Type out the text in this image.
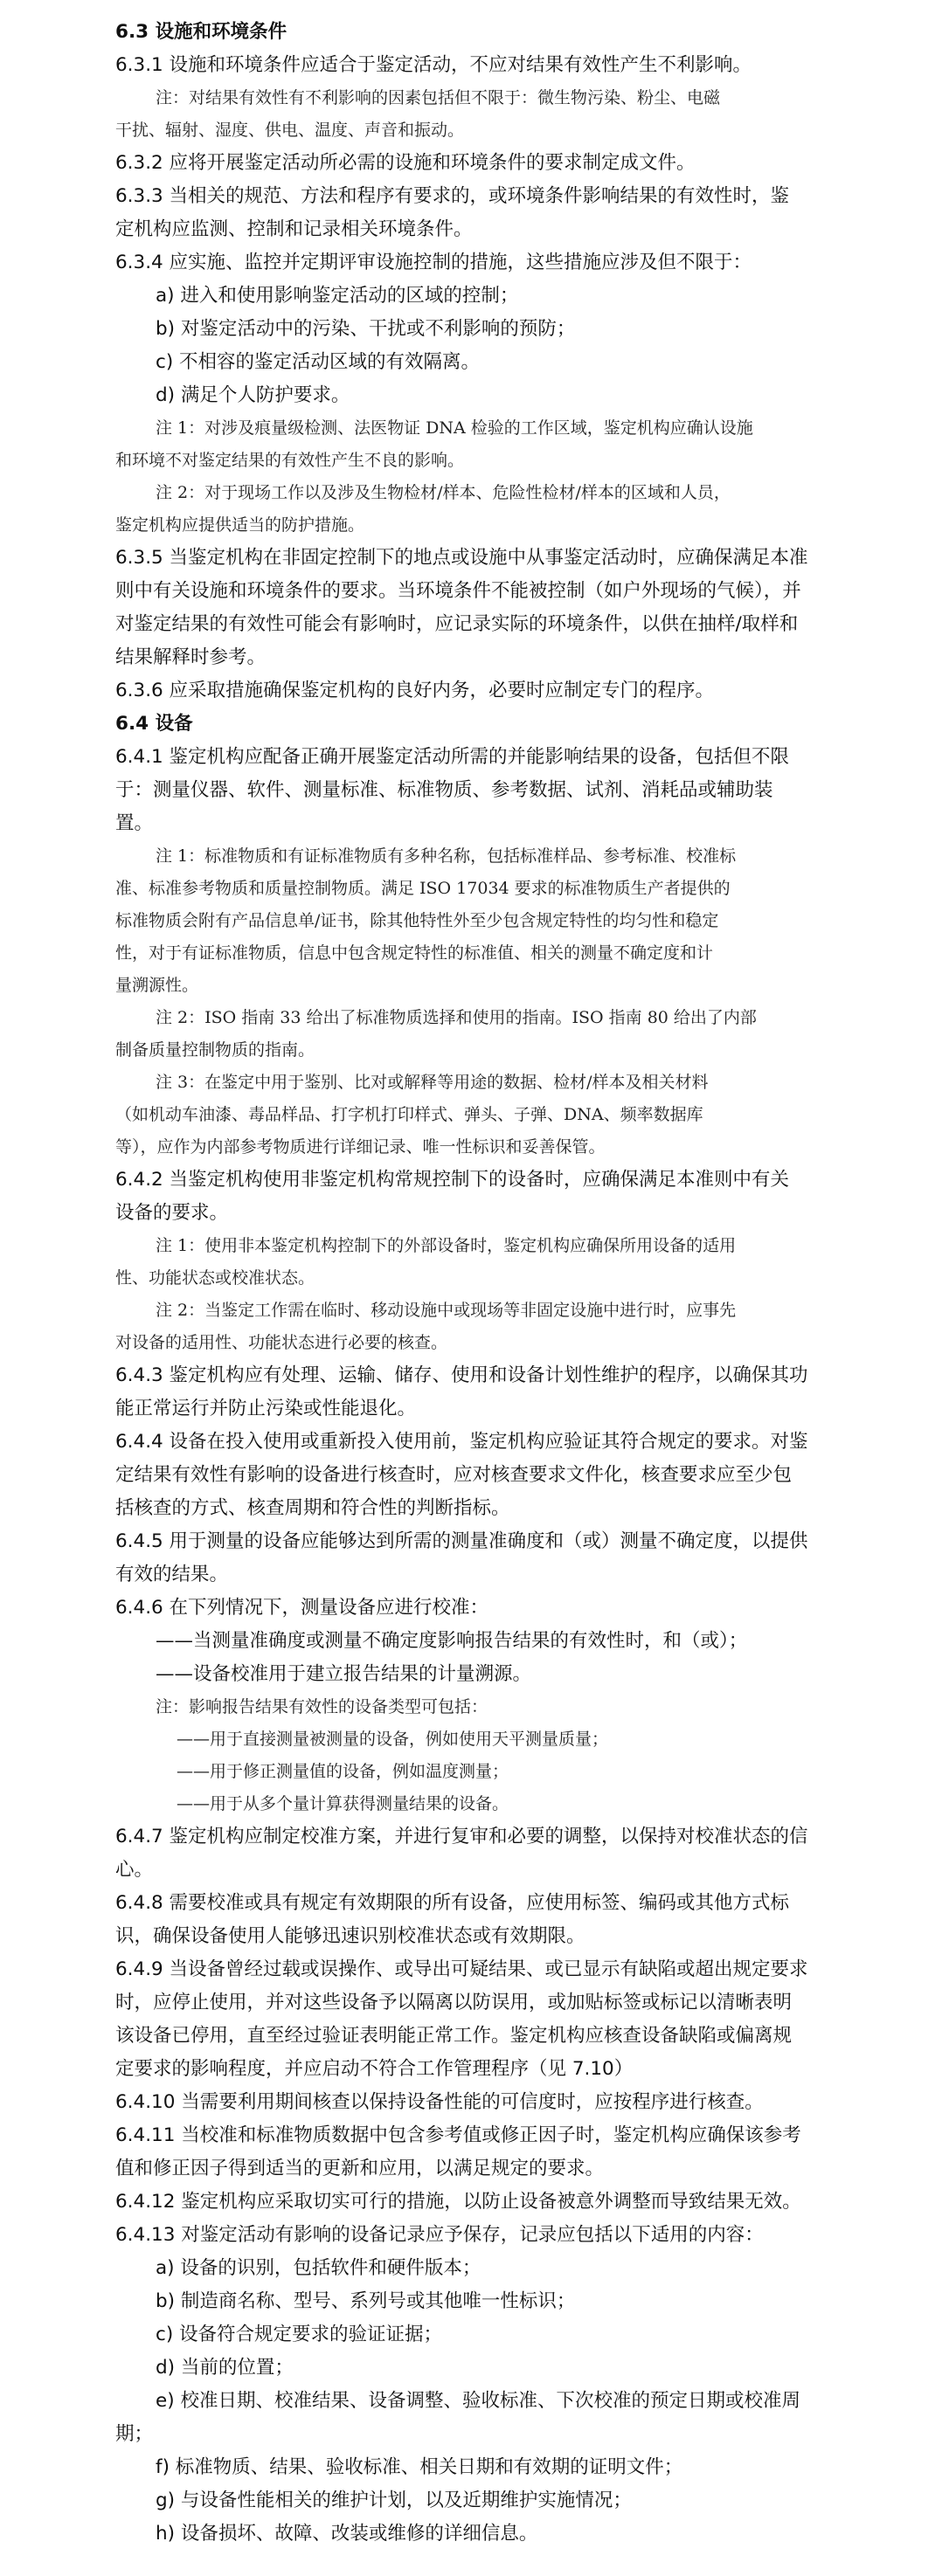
6.3 设施和环境条件
6.3.1 设施和环境条件应适合于鉴定活动，不应对结果有效性产生不利影响。
注：对结果有效性有不利影响的因素包括但不限于：微生物污染、粉尘、电磁
干扰、辐射、湿度、供电、温度、声音和振动。
6.3.2 应将开展鉴定活动所必需的设施和环境条件的要求制定成文件。
6.3.3 当相关的规范、方法和程序有要求的，或环境条件影响结果的有效性时，鉴
定机构应监测、控制和记录相关环境条件。
6.3.4 应实施、监控并定期评审设施控制的措施，这些措施应涉及但不限于：
a) 进入和使用影响鉴定活动的区域的控制；
b) 对鉴定活动中的污染、干扰或不利影响的预防；
c) 不相容的鉴定活动区域的有效隔离。
d) 满足个人防护要求。
注 1：对涉及痕量级检测、法医物证 DNA 检验的工作区域，鉴定机构应确认设施
和环境不对鉴定结果的有效性产生不良的影响。
注 2：对于现场工作以及涉及生物检材/样本、危险性检材/样本的区域和人员，
鉴定机构应提供适当的防护措施。
6.3.5 当鉴定机构在非固定控制下的地点或设施中从事鉴定活动时，应确保满足本准
则中有关设施和环境条件的要求。当环境条件不能被控制（如户外现场的气候），并
对鉴定结果的有效性可能会有影响时，应记录实际的环境条件，以供在抽样/取样和
结果解释时参考。
6.3.6 应采取措施确保鉴定机构的良好内务，必要时应制定专门的程序。
6.4 设备
6.4.1 鉴定机构应配备正确开展鉴定活动所需的并能影响结果的设备，包括但不限
于：测量仪器、软件、测量标准、标准物质、参考数据、试剂、消耗品或辅助装
置。
注 1：标准物质和有证标准物质有多种名称，包括标准样品、参考标准、校准标
准、标准参考物质和质量控制物质。满足 ISO 17034 要求的标准物质生产者提供的
标准物质会附有产品信息单/证书，除其他特性外至少包含规定特性的均匀性和稳定
性，对于有证标准物质，信息中包含规定特性的标准值、相关的测量不确定度和计
量溯源性。
注 2：ISO 指南 33 给出了标准物质选择和使用的指南。ISO 指南 80 给出了内部
制备质量控制物质的指南。
注 3：在鉴定中用于鉴别、比对或解释等用途的数据、检材/样本及相关材料
（如机动车油漆、毒品样品、打字机打印样式、弹头、子弹、DNA、频率数据库
等），应作为内部参考物质进行详细记录、唯一性标识和妥善保管。
6.4.2 当鉴定机构使用非鉴定机构常规控制下的设备时，应确保满足本准则中有关
设备的要求。
注 1：使用非本鉴定机构控制下的外部设备时，鉴定机构应确保所用设备的适用
性、功能状态或校准状态。
注 2：当鉴定工作需在临时、移动设施中或现场等非固定设施中进行时，应事先
对设备的适用性、功能状态进行必要的核查。
6.4.3 鉴定机构应有处理、运输、储存、使用和设备计划性维护的程序，以确保其功
能正常运行并防止污染或性能退化。
6.4.4 设备在投入使用或重新投入使用前，鉴定机构应验证其符合规定的要求。对鉴
定结果有效性有影响的设备进行核查时，应对核查要求文件化，核查要求应至少包
括核查的方式、核查周期和符合性的判断指标。
6.4.5 用于测量的设备应能够达到所需的测量准确度和（或）测量不确定度，以提供
有效的结果。
6.4.6 在下列情况下，测量设备应进行校准：
——当测量准确度或测量不确定度影响报告结果的有效性时，和（或）；
——设备校准用于建立报告结果的计量溯源。
注：影响报告结果有效性的设备类型可包括：
——用于直接测量被测量的设备，例如使用天平测量质量；
——用于修正测量值的设备，例如温度测量；
——用于从多个量计算获得测量结果的设备。
6.4.7 鉴定机构应制定校准方案，并进行复审和必要的调整，以保持对校准状态的信
心。
6.4.8 需要校准或具有规定有效期限的所有设备，应使用标签、编码或其他方式标
识，确保设备使用人能够迅速识别校准状态或有效期限。
6.4.9 当设备曾经过载或误操作、或导出可疑结果、或已显示有缺陷或超出规定要求
时，应停止使用，并对这些设备予以隔离以防误用，或加贴标签或标记以清晰表明
该设备已停用，直至经过验证表明能正常工作。鉴定机构应核查设备缺陷或偏离规
定要求的影响程度，并应启动不符合工作管理程序（见 7.10）
6.4.10 当需要利用期间核查以保持设备性能的可信度时，应按程序进行核查。
6.4.11 当校准和标准物质数据中包含参考值或修正因子时，鉴定机构应确保该参考
值和修正因子得到适当的更新和应用，以满足规定的要求。
6.4.12 鉴定机构应采取切实可行的措施，以防止设备被意外调整而导致结果无效。
6.4.13 对鉴定活动有影响的设备记录应予保存，记录应包括以下适用的内容：
a) 设备的识别，包括软件和硬件版本；
b) 制造商名称、型号、系列号或其他唯一性标识；
c) 设备符合规定要求的验证证据；
d) 当前的位置；
e) 校准日期、校准结果、设备调整、验收标准、下次校准的预定日期或校准周
期；
f) 标准物质、结果、验收标准、相关日期和有效期的证明文件；
g) 与设备性能相关的维护计划，以及近期维护实施情况；
h) 设备损坏、故障、改装或维修的详细信息。
